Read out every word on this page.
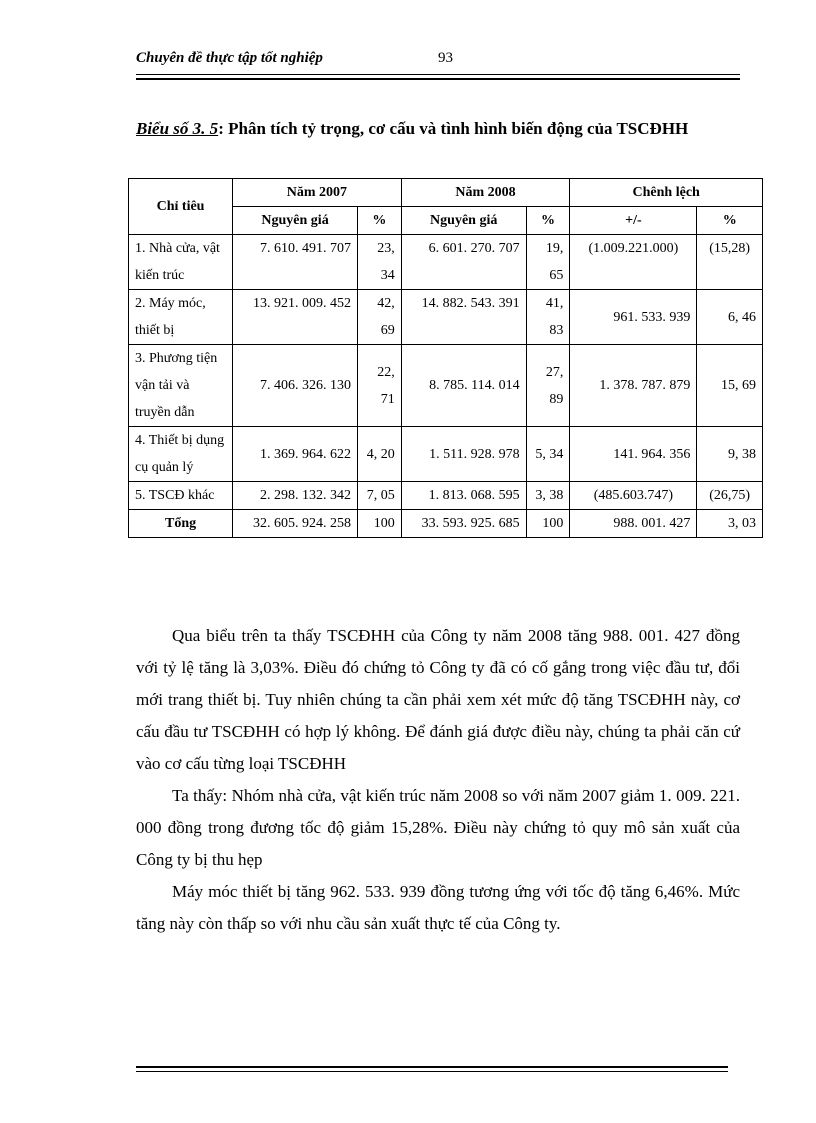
Chuyên đề thực tập tốt nghiệp	93
Biểu số 3. 5: Phân tích tỷ trọng, cơ cấu và tình hình biến động của TSCĐHH
Chỉ tiêu	Năm 2007		Năm 2008		Chênh lệch	
	Nguyên giá	%	Nguyên giá	%	+/-	%
1. Nhà cửa, vật kiến trúc	7. 610. 491. 707	23, 34	6. 601. 270. 707	19, 65	(1.009.221.000)	(15,28)
2. Máy móc, thiết bị	13. 921. 009. 452	42, 69	14. 882. 543. 391	41, 83	961. 533. 939	6, 46
3. Phương tiện vận tải và truyền dẫn	7. 406. 326. 130	22, 71	8. 785. 114. 014	27, 89	1. 378. 787. 879	15, 69
4. Thiết bị dụng cụ quản lý	1. 369. 964. 622	4, 20	1. 511. 928. 978	5, 34	141. 964. 356	9, 38
5. TSCĐ khác	2. 298. 132. 342	7, 05	1. 813. 068. 595	3, 38	(485.603.747)	(26,75)
Tổng	32. 605. 924. 258	100	33. 593. 925. 685	100	988. 001. 427	3, 03

Qua biểu trên ta thấy TSCĐHH của Công ty năm 2008 tăng 988. 001. 427 đồng với tỷ lệ tăng là 3,03%. Điều đó chứng tỏ Công ty đã có cố gắng trong việc đầu tư, đổi mới trang thiết bị. Tuy nhiên chúng ta cần phải xem xét mức độ tăng TSCĐHH này, cơ cấu đầu tư TSCĐHH có hợp lý không. Để đánh giá được điều này, chúng ta phải căn cứ vào cơ cấu từng loại TSCĐHH

Ta thấy: Nhóm nhà cửa, vật kiến trúc năm 2008 so với năm 2007 giảm 1. 009. 221. 000 đồng trong đương tốc độ giảm 15,28%. Điều này chứng tỏ quy mô sản xuất của Công ty bị thu hẹp

Máy móc thiết bị tăng 962. 533. 939 đồng tương ứng với tốc độ tăng 6,46%. Mức tăng này còn thấp so với nhu cầu sản xuất thực tế của Công ty.
